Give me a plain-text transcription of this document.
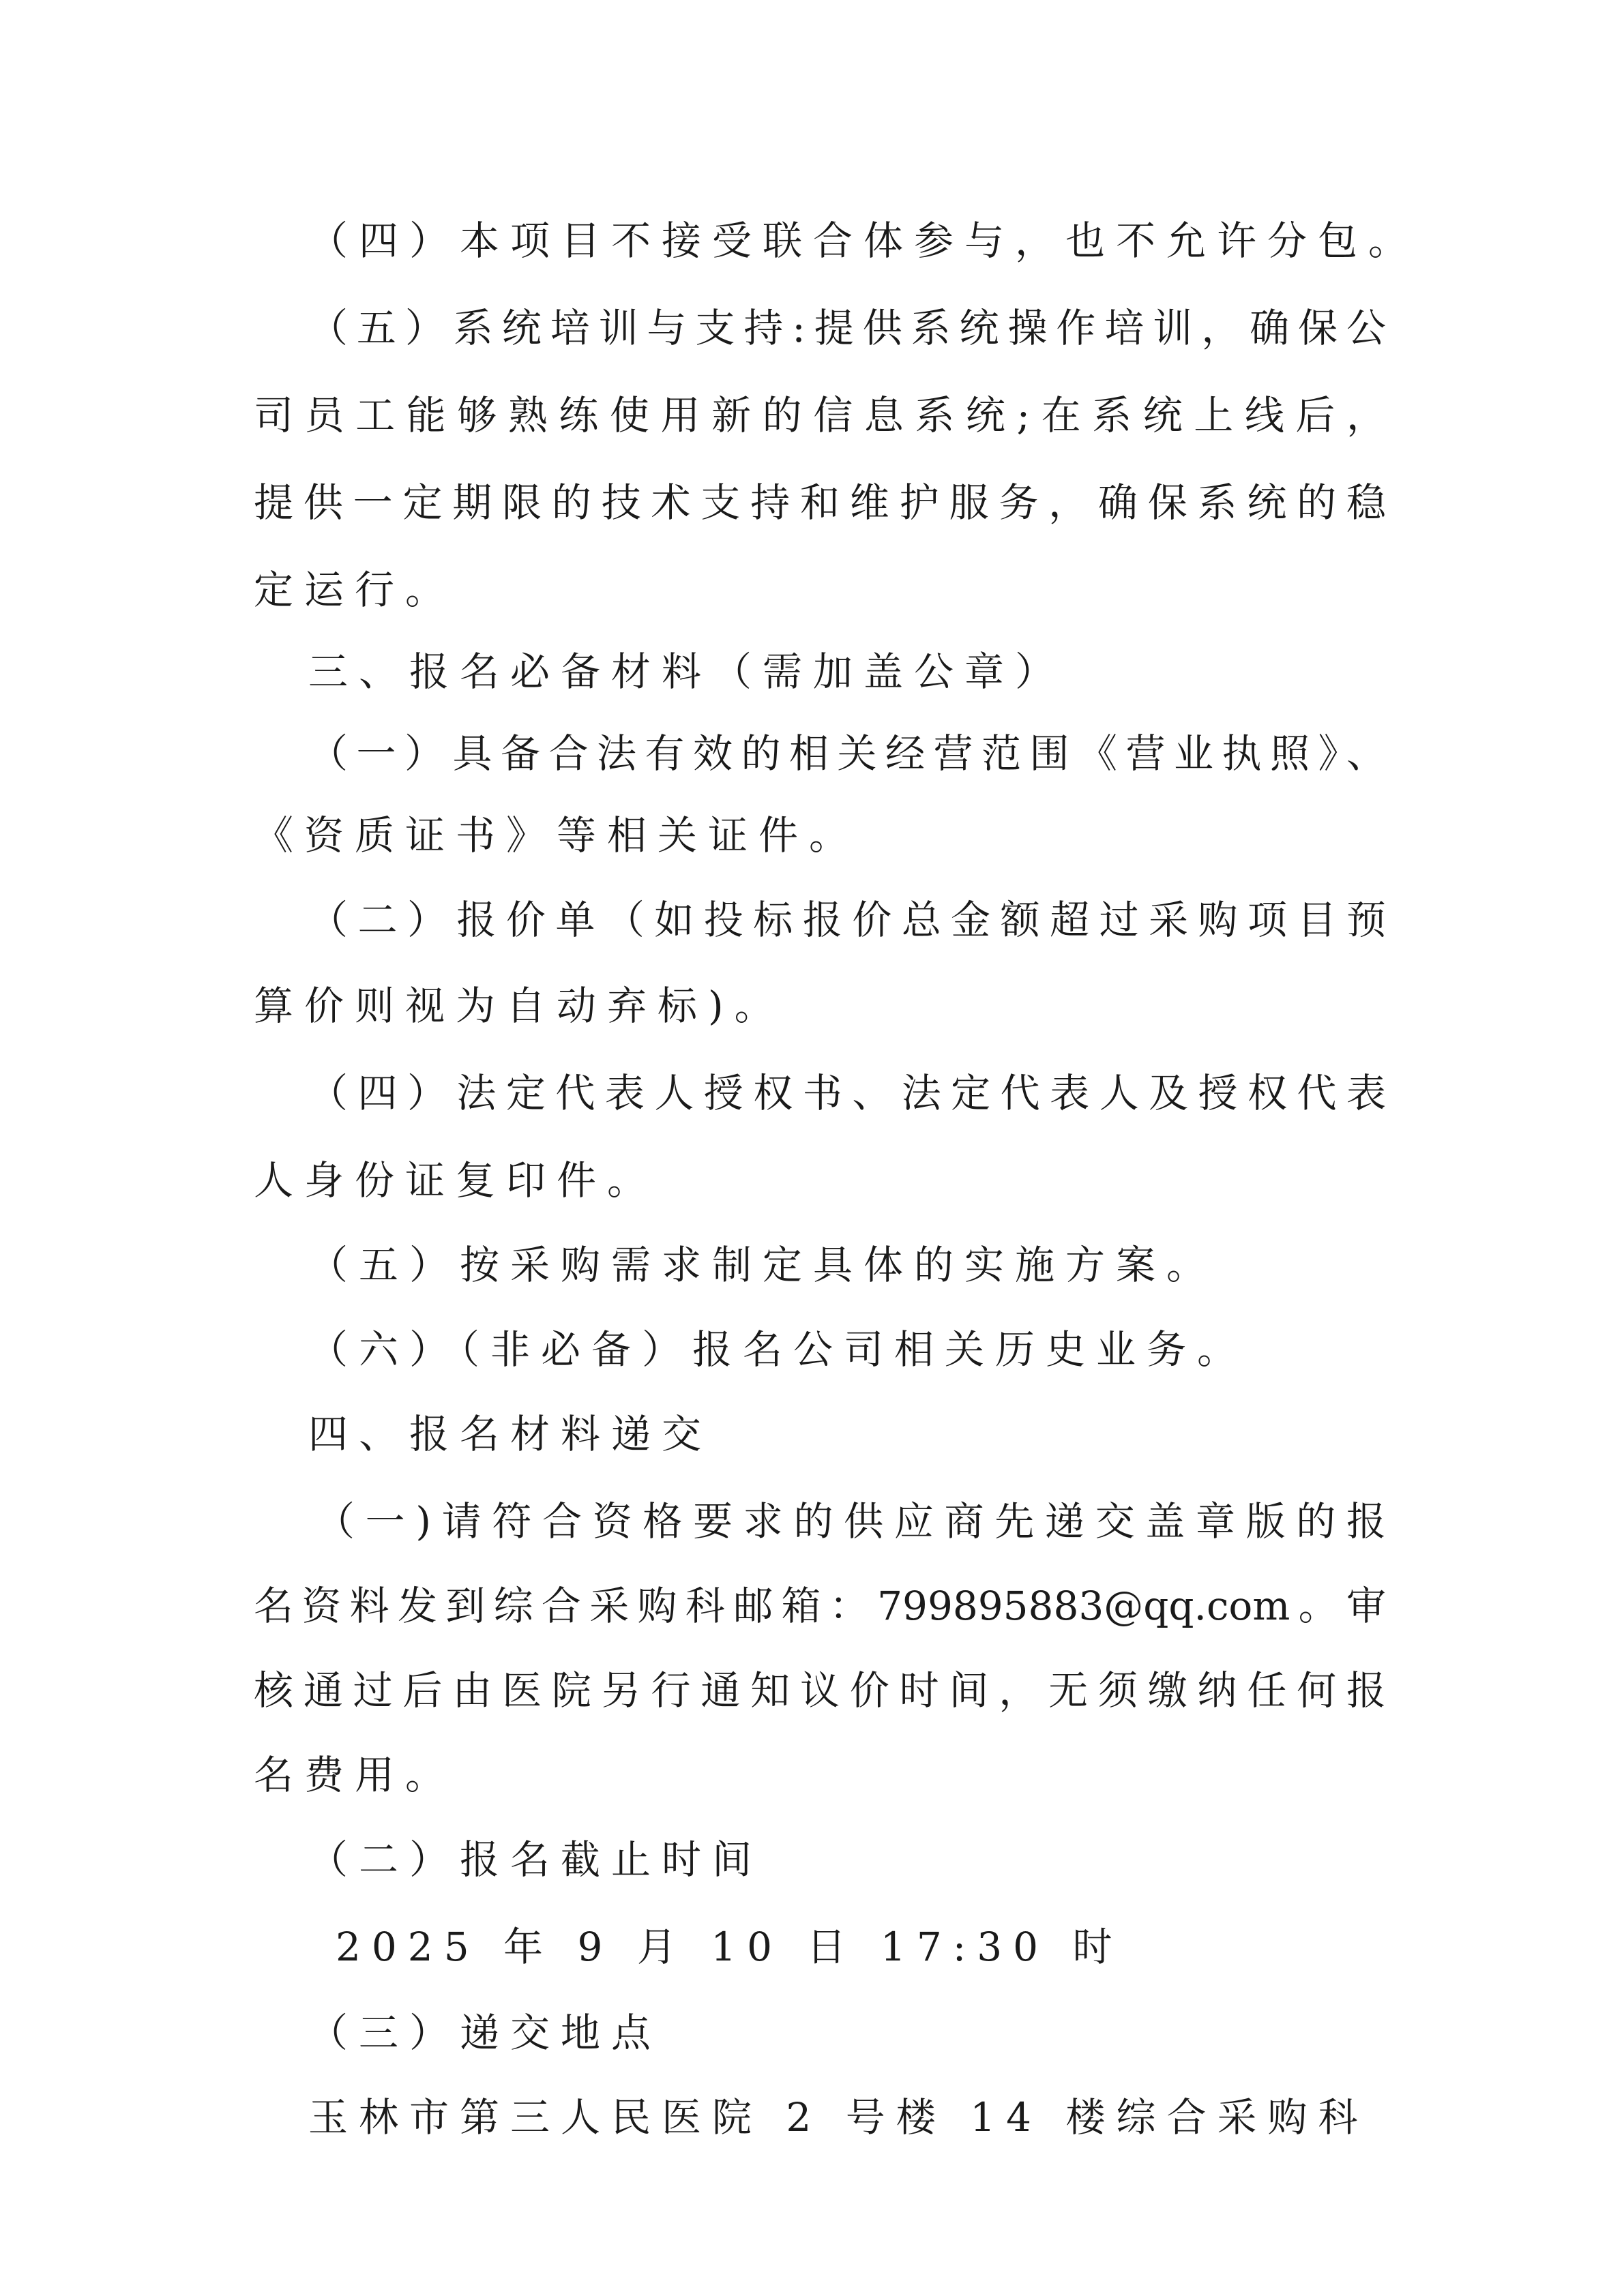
（四）本项目不接受联合体参与，也不允许分包。
（五）系统培训与支持:提供系统操作培训，确保公
司员工能够熟练使用新的信息系统;在系统上线后，
提供一定期限的技术支持和维护服务，确保系统的稳
定运行。
三、报名必备材料（需加盖公章）
（一）具备合法有效的相关经营范围《营业执照》、
《资质证书》等相关证件。
（二）报价单（如投标报价总金额超过采购项目预
算价则视为自动弃标)。
（四）法定代表人授权书、法定代表人及授权代表
人身份证复印件。
（五）按采购需求制定具体的实施方案。
（六）（非必备）报名公司相关历史业务。
四、报名材料递交
（一)请符合资格要求的供应商先递交盖章版的报
名资料发到综合采购科邮箱：799895883@qq.com。审
核通过后由医院另行通知议价时间，无须缴纳任何报
名费用。
（二）报名截止时间
2025 年 9 月 10 日 17:30 时
（三）递交地点
玉林市第三人民医院 2 号楼 14 楼综合采购科
